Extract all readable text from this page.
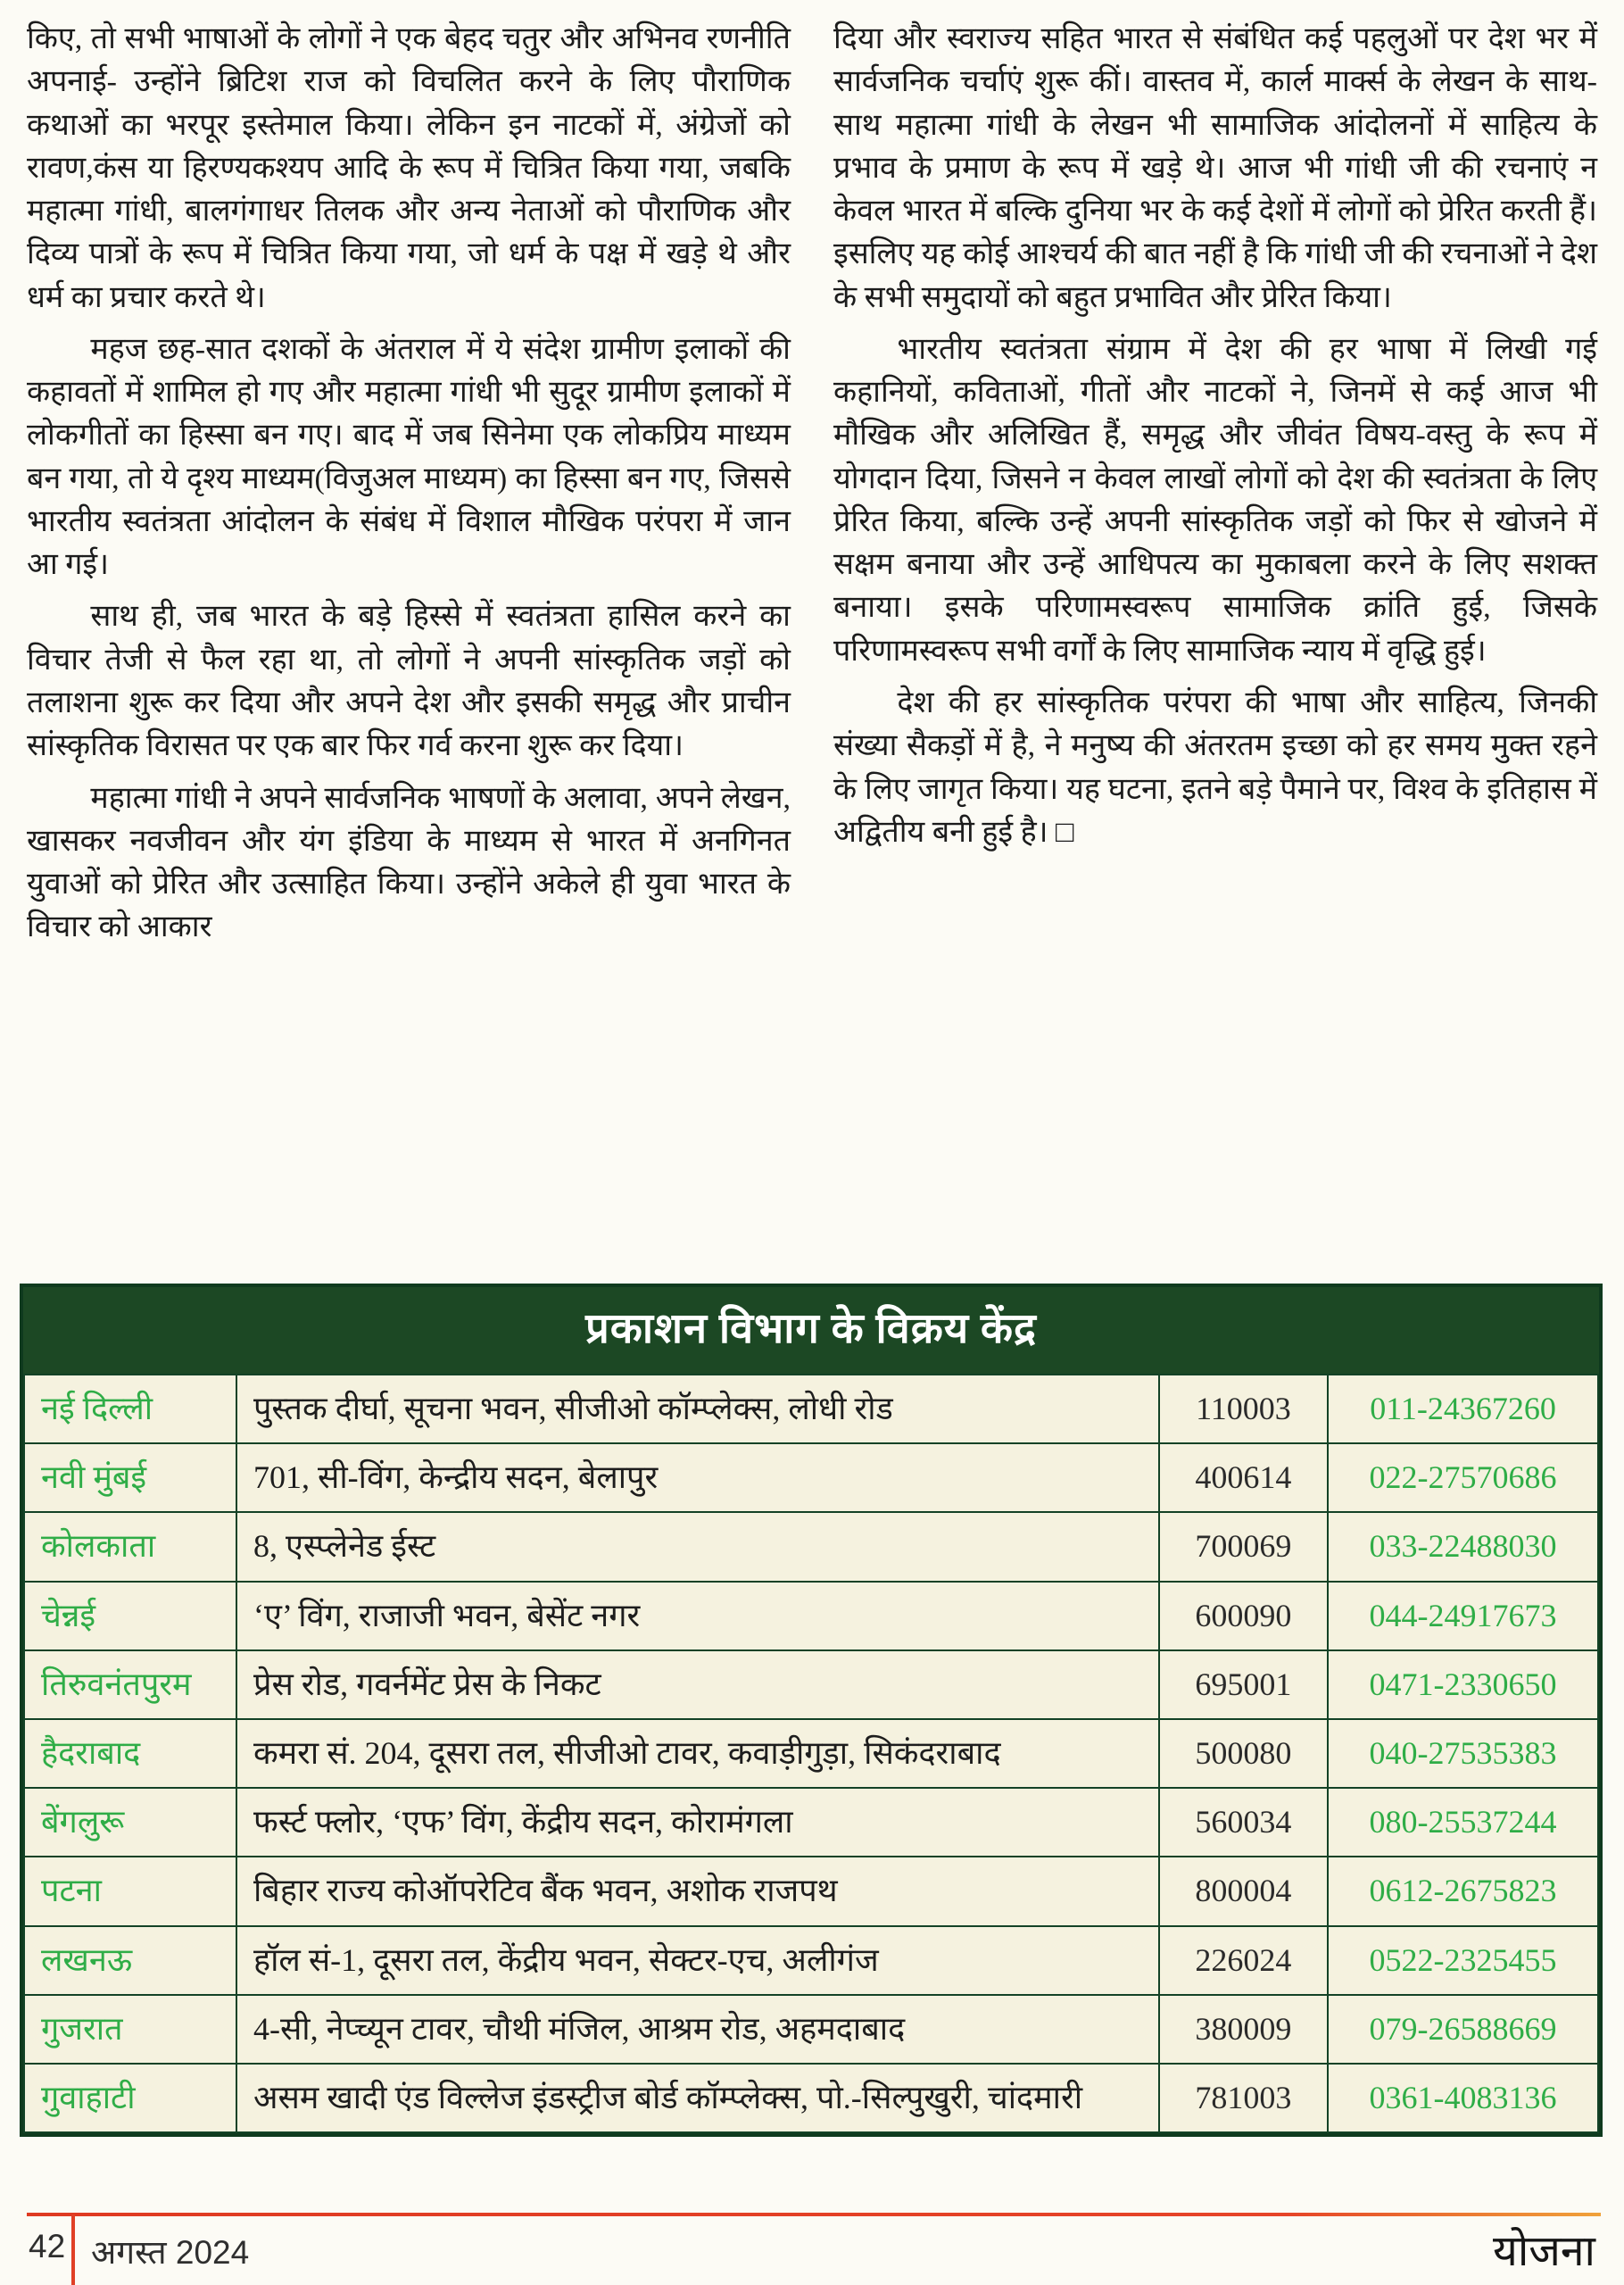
किए, तो सभी भाषाओं के लोगों ने एक बेहद चतुर और अभिनव रणनीति अपनाई- उन्होंने ब्रिटिश राज को विचलित करने के लिए पौराणिक कथाओं का भरपूर इस्तेमाल किया। लेकिन इन नाटकों में, अंग्रेजों को रावण,कंस या हिरण्यकश्यप आदि के रूप में चित्रित किया गया, जबकि महात्मा गांधी, बालगंगाधर तिलक और अन्य नेताओं को पौराणिक और दिव्य पात्रों के रूप में चित्रित किया गया, जो धर्म के पक्ष में खड़े थे और धर्म का प्रचार करते थे।

महज छह-सात दशकों के अंतराल में ये संदेश ग्रामीण इलाकों की कहावतों में शामिल हो गए और महात्मा गांधी भी सुदूर ग्रामीण इलाकों में लोकगीतों का हिस्सा बन गए। बाद में जब सिनेमा एक लोकप्रिय माध्यम बन गया, तो ये दृश्य माध्यम(विजुअल माध्यम) का हिस्सा बन गए, जिससे भारतीय स्वतंत्रता आंदोलन के संबंध में विशाल मौखिक परंपरा में जान आ गई।

साथ ही, जब भारत के बड़े हिस्से में स्वतंत्रता हासिल करने का विचार तेजी से फैल रहा था, तो लोगों ने अपनी सांस्कृतिक जड़ों को तलाशना शुरू कर दिया और अपने देश और इसकी समृद्ध और प्राचीन सांस्कृतिक विरासत पर एक बार फिर गर्व करना शुरू कर दिया।

महात्मा गांधी ने अपने सार्वजनिक भाषणों के अलावा, अपने लेखन, खासकर नवजीवन और यंग इंडिया के माध्यम से भारत में अनगिनत युवाओं को प्रेरित और उत्साहित किया। उन्होंने अकेले ही युवा भारत के विचार को आकार

दिया और स्वराज्य सहित भारत से संबंधित कई पहलुओं पर देश भर में सार्वजनिक चर्चाएं शुरू कीं। वास्तव में, कार्ल मार्क्स के लेखन के साथ-साथ महात्मा गांधी के लेखन भी सामाजिक आंदोलनों में साहित्य के प्रभाव के प्रमाण के रूप में खड़े थे। आज भी गांधी जी की रचनाएं न केवल भारत में बल्कि दुनिया भर के कई देशों में लोगों को प्रेरित करती हैं। इसलिए यह कोई आश्चर्य की बात नहीं है कि गांधी जी की रचनाओं ने देश के सभी समुदायों को बहुत प्रभावित और प्रेरित किया।

भारतीय स्वतंत्रता संग्राम में देश की हर भाषा में लिखी गई कहानियों, कविताओं, गीतों और नाटकों ने, जिनमें से कई आज भी मौखिक और अलिखित हैं, समृद्ध और जीवंत विषय-वस्तु के रूप में योगदान दिया, जिसने न केवल लाखों लोगों को देश की स्वतंत्रता के लिए प्रेरित किया, बल्कि उन्हें अपनी सांस्कृतिक जड़ों को फिर से खोजने में सक्षम बनाया और उन्हें आधिपत्य का मुकाबला करने के लिए सशक्त बनाया। इसके परिणामस्वरूप सामाजिक क्रांति हुई, जिसके परिणामस्वरूप सभी वर्गों के लिए सामाजिक न्याय में वृद्धि हुई।

देश की हर सांस्कृतिक परंपरा की भाषा और साहित्य, जिनकी संख्या सैकड़ों में है, ने मनुष्य की अंतरतम इच्छा को हर समय मुक्त रहने के लिए जागृत किया। यह घटना, इतने बड़े पैमाने पर, विश्व के इतिहास में अद्वितीय बनी हुई है। □

प्रकाशन विभाग के विक्रय केंद्र
नई दिल्ली	पुस्तक दीर्घा, सूचना भवन, सीजीओ कॉम्प्लेक्स, लोधी रोड	110003	011-24367260
नवी मुंबई	701, सी-विंग, केन्द्रीय सदन, बेलापुर	400614	022-27570686
कोलकाता	8, एस्प्लेनेड ईस्ट	700069	033-22488030
चेन्नई	‘ए’ विंग, राजाजी भवन, बेसेंट नगर	600090	044-24917673
तिरुवनंतपुरम	प्रेस रोड, गवर्नमेंट प्रेस के निकट	695001	0471-2330650
हैदराबाद	कमरा सं. 204, दूसरा तल, सीजीओ टावर, कवाड़ीगुड़ा, सिकंदराबाद	500080	040-27535383
बेंगलुरू	फर्स्ट फ्लोर, ‘एफ’ विंग, केंद्रीय सदन, कोरामंगला	560034	080-25537244
पटना	बिहार राज्य कोऑपरेटिव बैंक भवन, अशोक राजपथ	800004	0612-2675823
लखनऊ	हॉल सं-1, दूसरा तल, केंद्रीय भवन, सेक्टर-एच, अलीगंज	226024	0522-2325455
गुजरात	4-सी, नेप्च्यून टावर, चौथी मंजिल, आश्रम रोड, अहमदाबाद	380009	079-26588669
गुवाहाटी	असम खादी एंड विल्लेज इंडस्ट्रीज बोर्ड कॉम्प्लेक्स, पो.-सिल्पुखुरी, चांदमारी	781003	0361-4083136
42 अगस्त 2024	योजना
